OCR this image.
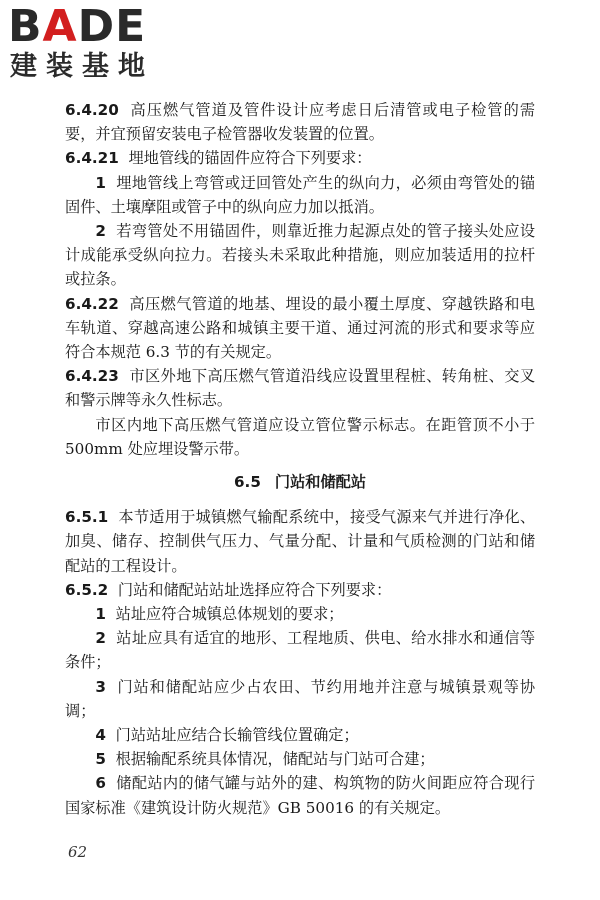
BADE
建装基地

6.4.20 高压燃气管道及管件设计应考虑日后清管或电子检管的需要，并宜预留安装电子检管器收发装置的位置。

6.4.21 埋地管线的锚固件应符合下列要求：

1 埋地管线上弯管或迂回管处产生的纵向力，必须由弯管处的锚固件、土壤摩阻或管子中的纵向应力加以抵消。

2 若弯管处不用锚固件，则靠近推力起源点处的管子接头处应设计成能承受纵向拉力。若接头未采取此种措施，则应加装适用的拉杆或拉条。

6.4.22 高压燃气管道的地基、埋设的最小覆土厚度、穿越铁路和电车轨道、穿越高速公路和城镇主要干道、通过河流的形式和要求等应符合本规范 6.3 节的有关规定。

6.4.23 市区外地下高压燃气管道沿线应设置里程桩、转角桩、交叉和警示牌等永久性标志。

市区内地下高压燃气管道应设立管位警示标志。在距管顶不小于 500mm 处应埋设警示带。

6.5 门站和储配站

6.5.1 本节适用于城镇燃气输配系统中，接受气源来气并进行净化、加臭、储存、控制供气压力、气量分配、计量和气质检测的门站和储配站的工程设计。

6.5.2 门站和储配站站址选择应符合下列要求：

1 站址应符合城镇总体规划的要求；

2 站址应具有适宜的地形、工程地质、供电、给水排水和通信等条件；

3 门站和储配站应少占农田、节约用地并注意与城镇景观等协调；

4 门站站址应结合长输管线位置确定；

5 根据输配系统具体情况，储配站与门站可合建；

6 储配站内的储气罐与站外的建、构筑物的防火间距应符合现行国家标准《建筑设计防火规范》GB 50016 的有关规定。

62
